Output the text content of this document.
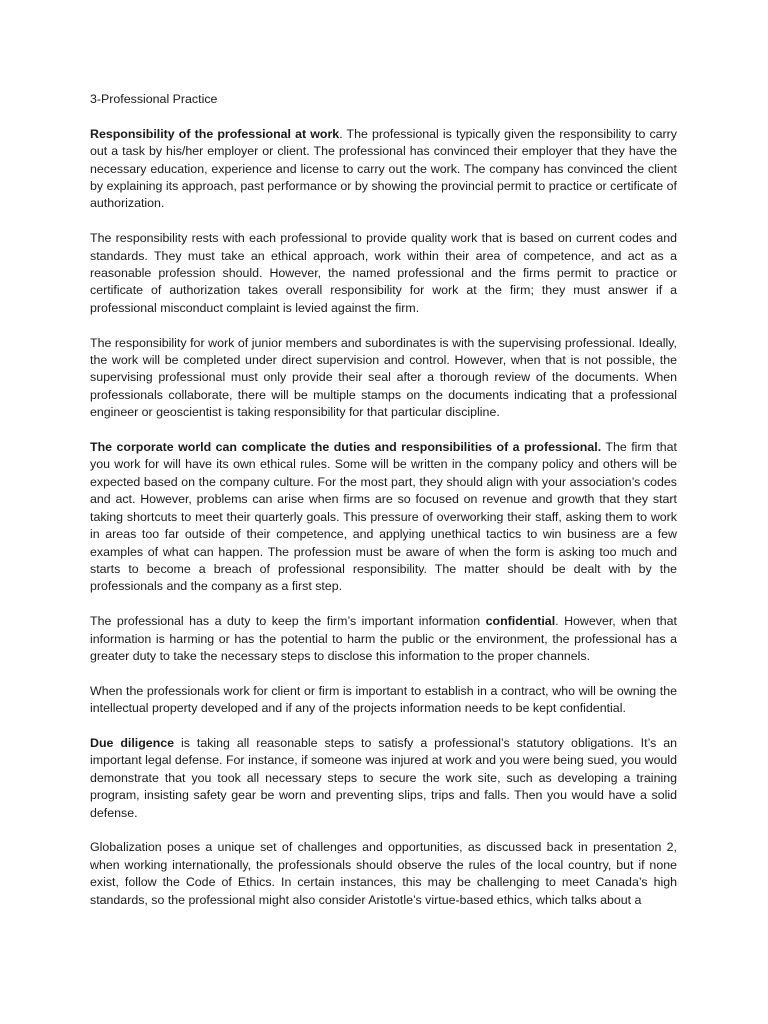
3-Professional Practice

Responsibility of the professional at work. The professional is typically given the responsibility to carry out a task by his/her employer or client. The professional has convinced their employer that they have the necessary education, experience and license to carry out the work. The company has convinced the client by explaining its approach, past performance or by showing the provincial permit to practice or certificate of authorization.

The responsibility rests with each professional to provide quality work that is based on current codes and standards. They must take an ethical approach, work within their area of competence, and act as a reasonable profession should. However, the named professional and the firms permit to practice or certificate of authorization takes overall responsibility for work at the firm; they must answer if a professional misconduct complaint is levied against the firm.

The responsibility for work of junior members and subordinates is with the supervising professional. Ideally, the work will be completed under direct supervision and control. However, when that is not possible, the supervising professional must only provide their seal after a thorough review of the documents. When professionals collaborate, there will be multiple stamps on the documents indicating that a professional engineer or geoscientist is taking responsibility for that particular discipline.

The corporate world can complicate the duties and responsibilities of a professional. The firm that you work for will have its own ethical rules. Some will be written in the company policy and others will be expected based on the company culture. For the most part, they should align with your association’s codes and act. However, problems can arise when firms are so focused on revenue and growth that they start taking shortcuts to meet their quarterly goals. This pressure of overworking their staff, asking them to work in areas too far outside of their competence, and applying unethical tactics to win business are a few examples of what can happen. The profession must be aware of when the form is asking too much and starts to become a breach of professional responsibility. The matter should be dealt with by the professionals and the company as a first step.

The professional has a duty to keep the firm’s important information confidential. However, when that information is harming or has the potential to harm the public or the environment, the professional has a greater duty to take the necessary steps to disclose this information to the proper channels.

When the professionals work for client or firm is important to establish in a contract, who will be owning the intellectual property developed and if any of the projects information needs to be kept confidential.

Due diligence is taking all reasonable steps to satisfy a professional’s statutory obligations. It’s an important legal defense. For instance, if someone was injured at work and you were being sued, you would demonstrate that you took all necessary steps to secure the work site, such as developing a training program, insisting safety gear be worn and preventing slips, trips and falls. Then you would have a solid defense.

Globalization poses a unique set of challenges and opportunities, as discussed back in presentation 2, when working internationally, the professionals should observe the rules of the local country, but if none exist, follow the Code of Ethics. In certain instances, this may be challenging to meet Canada’s high standards, so the professional might also consider Aristotle’s virtue-based ethics, which talks about a
